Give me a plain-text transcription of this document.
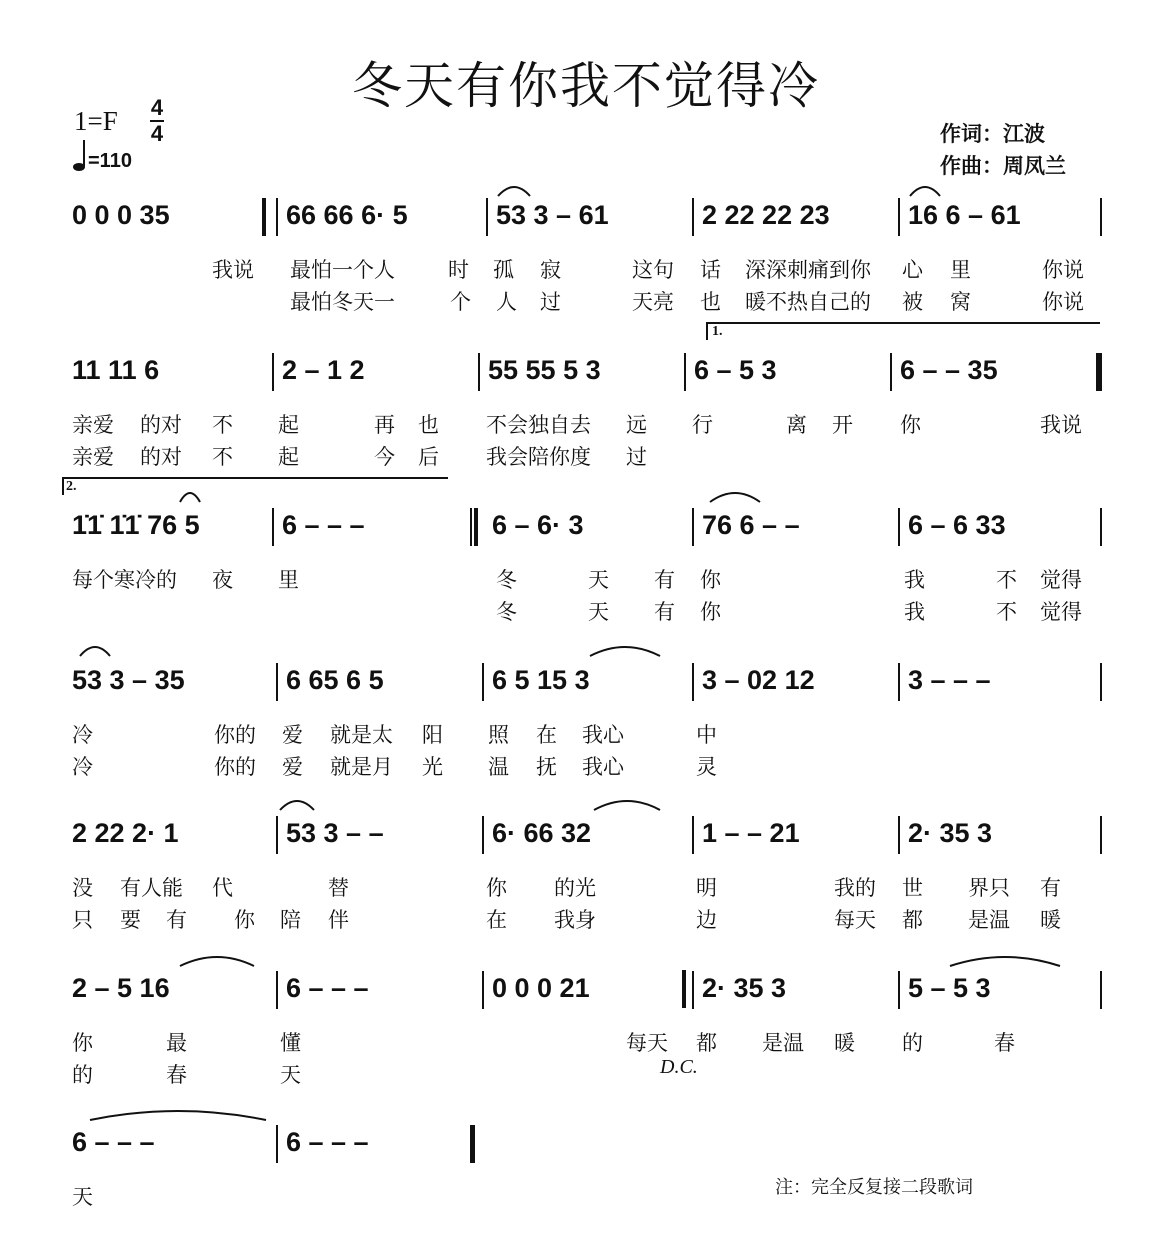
冬天有你我不觉得冷
1=F 4
4
=110
作词：江波
作曲：周凤兰
0 0 0 35	66 66 6· 5	53 3 – 61	2 22 22 23	16 6 – 61
我说 最怕一个人	时 孤 寂	这句 话 深深刺痛到你 心 里	你说
最怕冬天一	个 人 过	天亮 也 暖不热自己的 被 窝	你说
11 11 6	2 – 1 2	55 55 5 3	6 – 5 3	6 – – 35
亲爱 的对 不 起	再 也 不会独自去 远 行	离 开 你	我说
亲爱 的对 不 起	今 后 我会陪你度 过
1̇1̇ 1̇1̇ 76 5	6 – – –	6 – 6· 3	76 6 – –	6 – 6 33
每个寒冷的 夜 里	冬	天 有 你	我	不 觉得
冬	天 有 你	我	不 觉得
53 3 – 35	6 65 6 5	6 5 15 3	3 – 02 12	3 – – –
冷	你的 爱 就是太 阳 照 在 我心	中
冷	你的 爱 就是月 光 温 抚 我心	灵
2 22 2· 1	53 3 – –	6· 66 32	1 – – 21	2· 35 3
没 有人能 代	替	你 的光	明	我的 世 界只 有
只 要 有 你 陪 伴	在 我身	边	每天 都 是温 暖
2 – 5 16	6 – – –	0 0 0 21	2· 35 3	5 – 5 3
你	最	懂	每天 都 是温 暖 的	春
的	春	天
6 – – –	6 – – –
天
1.
2.
D.C.
注：完全反复接二段歌词
